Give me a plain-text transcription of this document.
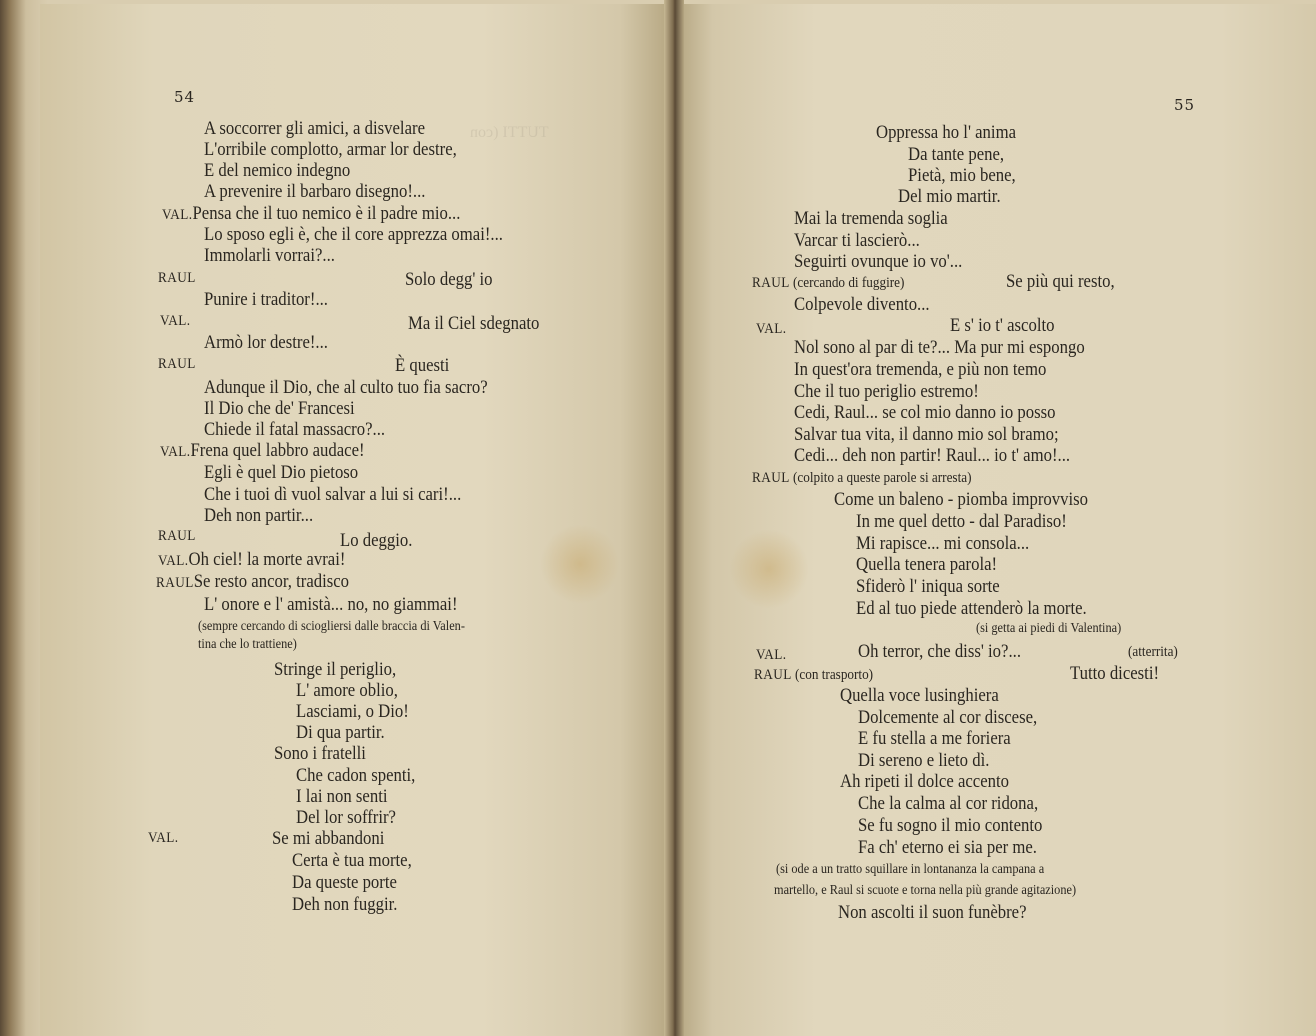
TUTTI (con
54
A soccorrer gli amici, a disvelare
L'orribile complotto, armar lor destre,
E del nemico indegno
A prevenire il barbaro disegno!...
VAL.Pensa che il tuo nemico è il padre mio...
Lo sposo egli è, che il core apprezza omai!...
Immolarli vorrai?...
RAUL	Solo degg' io
Punire i traditor!...
VAL.	Ma il Ciel sdegnato
Armò lor destre!...
RAUL	È questi
Adunque il Dio, che al culto tuo fia sacro?
Il Dio che de' Francesi
Chiede il fatal massacro?...
VAL.Frena quel labbro audace!
Egli è quel Dio pietoso
Che i tuoi dì vuol salvar a lui si cari!...
Deh non partir...
RAUL	Lo deggio.
VAL.Oh ciel! la morte avrai!
RAULSe resto ancor, tradisco
L' onore e l' amistà... no, no giammai!
(sempre cercando di sciogliersi dalle braccia di Valen-
tina che lo trattiene)
Stringe il periglio,
L' amore oblio,
Lasciami, o Dio!
Di qua partir.
Sono i fratelli
Che cadon spenti,
I lai non senti
Del lor soffrir?
VAL.	Se mi abbandoni
Certa è tua morte,
Da queste porte
Deh non fuggir.
55
Oppressa ho l' anima
Da tante pene,
Pietà, mio bene,
Del mio martir.
Mai la tremenda soglia
Varcar ti lascierò...
Seguirti ovunque io vo'...
RAUL (cercando di fuggire)	Se più qui resto,
Colpevole divento...
VAL.	E s' io t' ascolto
Nol sono al par di te?... Ma pur mi espongo
In quest'ora tremenda, e più non temo
Che il tuo periglio estremo!
Cedi, Raul... se col mio danno io posso
Salvar tua vita, il danno mio sol bramo;
Cedi... deh non partir! Raul... io t' amo!...
RAUL (colpito a queste parole si arresta)
Come un baleno - piomba improvviso
In me quel detto - dal Paradiso!
Mi rapisce... mi consola...
Quella tenera parola!
Sfiderò l' iniqua sorte
Ed al tuo piede attenderò la morte.
(si getta ai piedi di Valentina)
VAL.	Oh terror, che diss' io?...	(atterrita)
RAUL (con trasporto)	Tutto dicesti!
Quella voce lusinghiera
Dolcemente al cor discese,
E fu stella a me foriera
Di sereno e lieto dì.
Ah ripeti il dolce accento
Che la calma al cor ridona,
Se fu sogno il mio contento
Fa ch' eterno ei sia per me.
(si ode a un tratto squillare in lontananza la campana a
martello, e Raul si scuote e torna nella più grande agitazione)
Non ascolti il suon funèbre?
